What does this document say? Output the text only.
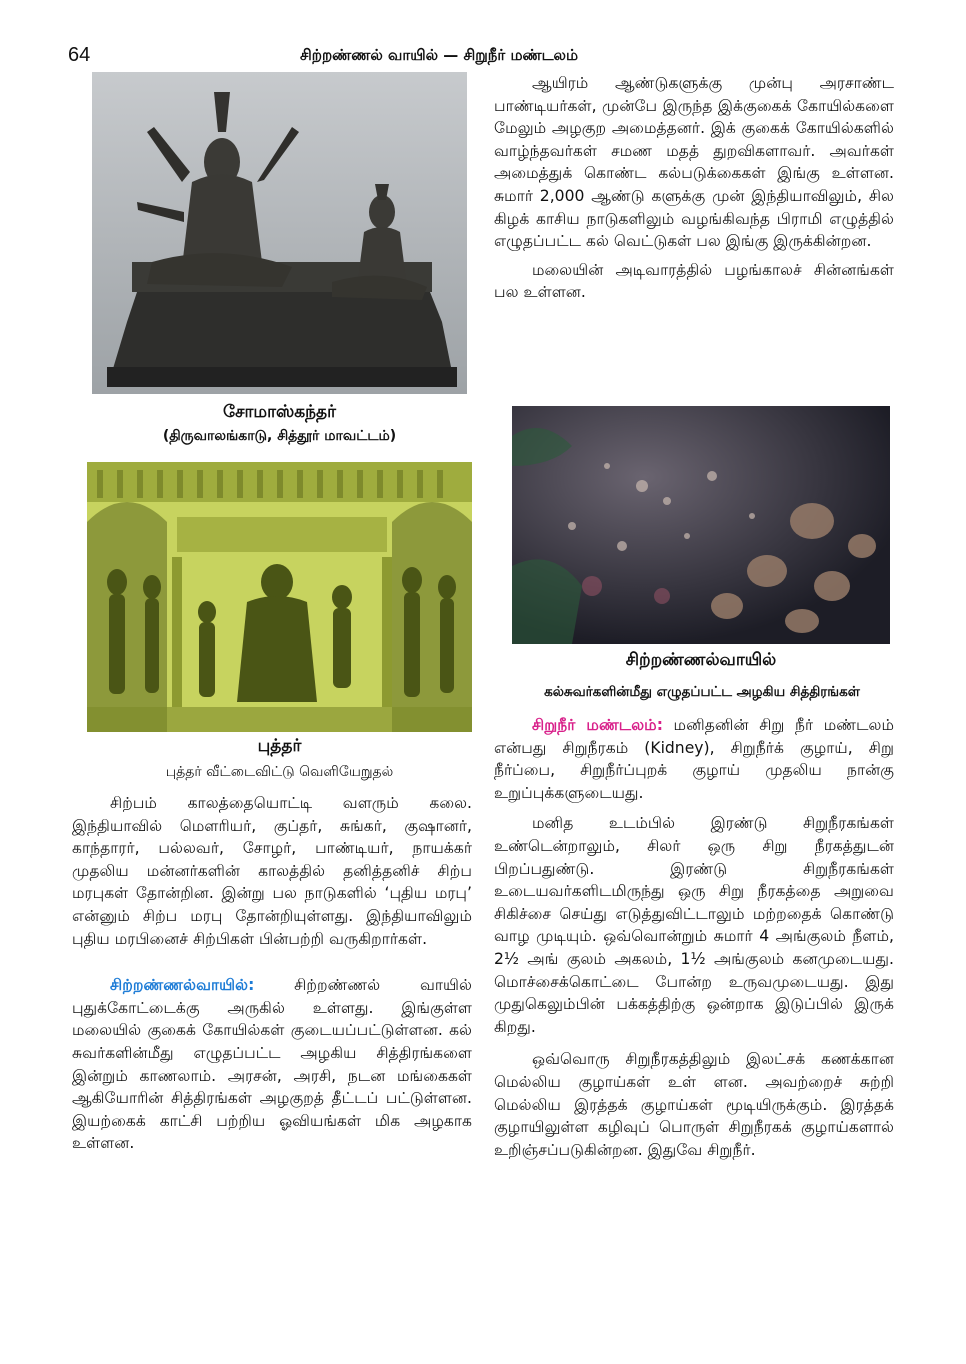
64	சிற்றண்ணல் வாயில் — சிறுநீர் மண்டலம்

சோமாஸ்கந்தர்

(திருவாலங்காடு, சித்தூர் மாவட்டம்)

புத்தர்

புத்தர் வீட்டைவிட்டு வெளியேறுதல்

சிற்றண்ணல்வாயில்

கல்சுவர்களின்மீது எழுதப்பட்ட அழகிய சித்திரங்கள்

சிற்பம் காலத்தையொட்டி வளரும் கலை. இந்தியாவில் மௌரியர், குப்தர், சுங்கர், குஷானர், காந்தாரர், பல்லவர், சோழர், பாண்டியர், நாயக்கர் முதலிய மன்னர்களின் காலத்தில் தனித்தனிச் சிற்ப மரபுகள் தோன்றின. இன்று பல நாடுகளில் ‘புதிய மரபு’ என்னும் சிற்ப மரபு தோன்றியுள்ளது. இந்தியாவிலும் புதிய மரபினைச் சிற்பிகள் பின்பற்றி வருகிறார்கள்.

சிற்றண்ணல்வாயில்:	சிற்றண்ணல் வாயில் புதுக்கோட்டைக்கு அருகில் உள்ளது. இங்குள்ள மலையில் குகைக் கோயில்கள் குடையப்பட்டுள்ளன. கல் சுவர்களின்மீது எழுதப்பட்ட அழகிய சித்திரங்களை இன்றும் காணலாம். அரசன், அரசி, நடன மங்கைகள் ஆகியோரின் சித்திரங்கள் அழகுறத் தீட்டப் பட்டுள்ளன. இயற்கைக் காட்சி பற்றிய ஓவியங்கள் மிக அழகாக உள்ளன.

ஆயிரம் ஆண்டுகளுக்கு முன்பு அரசாண்ட பாண்டியர்கள், முன்பே இருந்த இக்குகைக் கோயில்களை மேலும் அழகுற அமைத்தனர். இக் குகைக் கோயில்களில் வாழ்ந்தவர்கள் சமண மதத் துறவிகளாவர். அவர்கள் அமைத்துக் கொண்ட கல்படுக்கைகள் இங்கு உள்ளன. சுமார் 2,000 ஆண்டு களுக்கு முன் இந்தியாவிலும், சில கிழக் காசிய நாடுகளிலும் வழங்கிவந்த பிராமி எழுத்தில் எழுதப்பட்ட கல் வெட்டுகள் பல இங்கு இருக்கின்றன.

மலையின் அடிவாரத்தில் பழங்காலச் சின்னங்கள் பல உள்ளன.

சிறுநீர் மண்டலம்: மனிதனின் சிறு நீர் மண்டலம் என்பது சிறுநீரகம் (Kidney), சிறுநீர்க் குழாய், சிறு நீர்ப்பை, சிறுநீர்ப்புறக் குழாய் முதலிய நான்கு உறுப்புக்களுடையது.

மனித உடம்பில் இரண்டு சிறுநீரகங்கள் உண்டென்றாலும், சிலர் ஒரு சிறு நீரகத்துடன் பிறப்பதுண்டு. இரண்டு சிறுநீரகங்கள் உடையவர்களிடமிருந்து ஒரு சிறு நீரகத்தை அறுவை சிகிச்சை செய்து எடுத்துவிட்டாலும் மற்றதைக் கொண்டு வாழ முடியும். ஒவ்வொன்றும் சுமார் 4 அங்குலம் நீளம், 2½ அங் குலம் அகலம், 1½ அங்குலம் கனமுடையது. மொச்சைக்கொட்டை போன்ற உருவமுடையது. இது முதுகெலும்பின் பக்கத்திற்கு ஒன்றாக இடுப்பில் இருக் கிறது.

ஒவ்வொரு சிறுநீரகத்திலும் இலட்சக் கணக்கான மெல்லிய குழாய்கள் உள் ளன. அவற்றைச் சுற்றி மெல்லிய இரத்தக் குழாய்கள் மூடியிருக்கும். இரத்தக் குழாயிலுள்ள கழிவுப் பொருள் சிறுநீரகக் குழாய்களால் உறிஞ்சப்படுகின்றன. இதுவே சிறுநீர்.
